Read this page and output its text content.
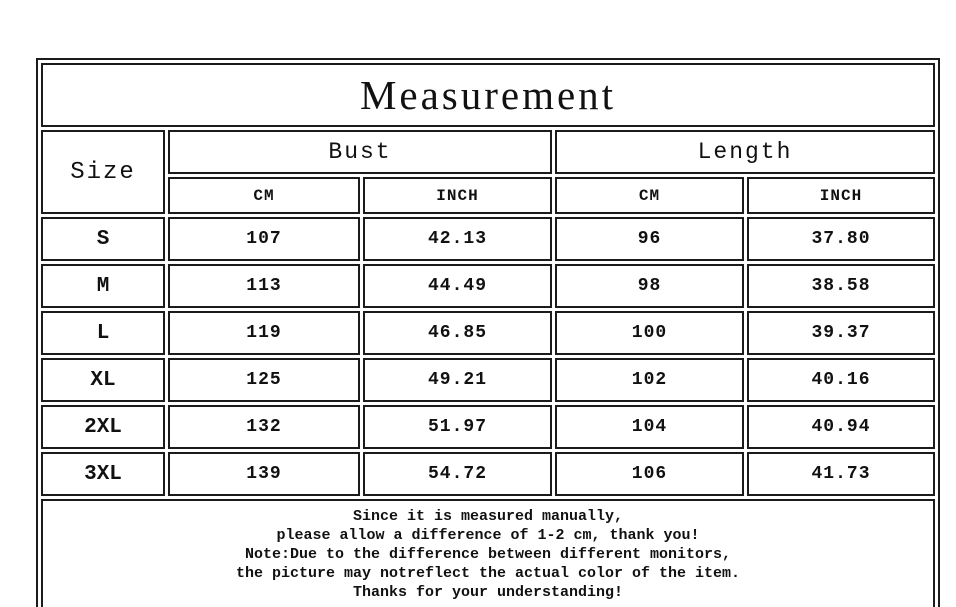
Measurement				
Size	Bust		Length	
	CM	INCH	CM	INCH
S	107	42.13	96	37.80
M	113	44.49	98	38.58
L	119	46.85	100	39.37
XL	125	49.21	102	40.16
2XL	132	51.97	104	40.94
3XL	139	54.72	106	41.73

Since it is measured manually,
please allow a difference of 1-2 cm, thank you!
Note:Due to the difference between different monitors,
the picture may notreflect the actual color of the item.
Thanks for your understanding!				
